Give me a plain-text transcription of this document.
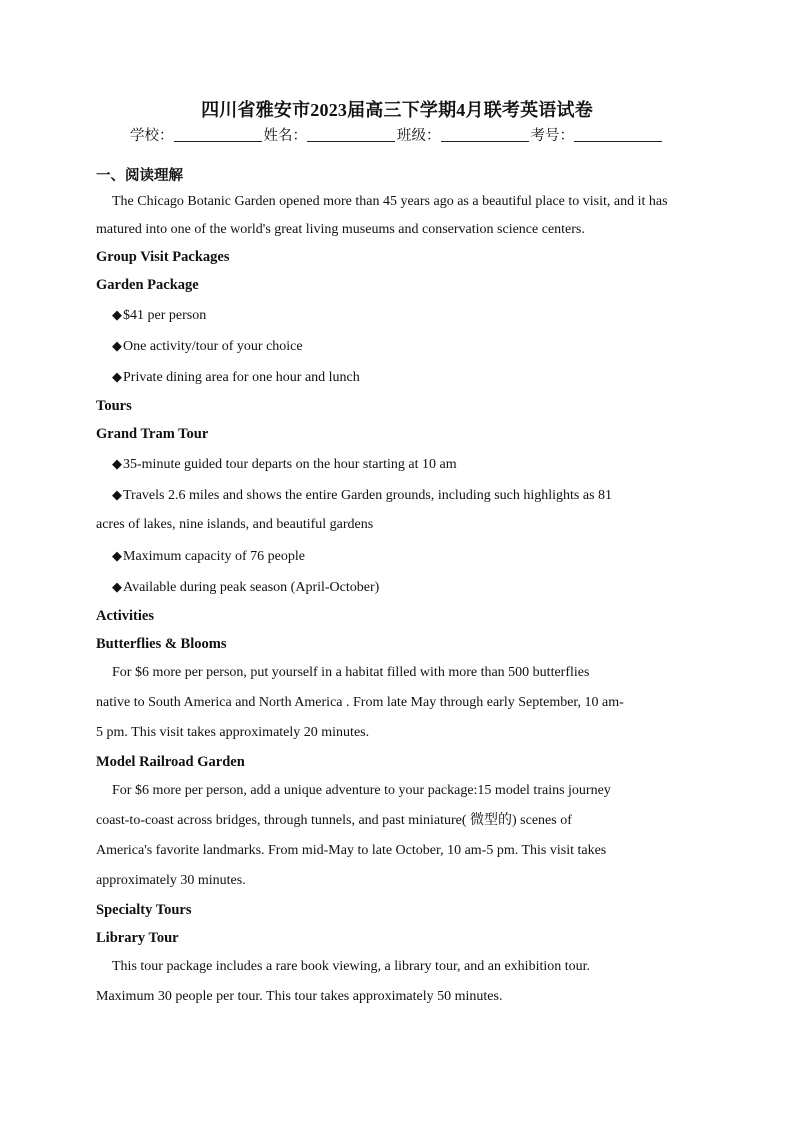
四川省雅安市2023届高三下学期4月联考英语试卷
学校：	姓名：	班级：	考号：
一、阅读理解

The Chicago Botanic Garden opened more than 45 years ago as a beautiful place to visit, and it has matured into one of the world's great living museums and conservation science centers.

Group Visit Packages
Garden Package
◆$41 per person
◆One activity/tour of your choice
◆Private dining area for one hour and lunch
Tours
Grand Tram Tour
◆35-minute guided tour departs on the hour starting at 10 am
◆Travels 2.6 miles and shows the entire Garden grounds, including such highlights as 81
acres of lakes, nine islands, and beautiful gardens
◆Maximum capacity of 76 people
◆Available during peak season (April-October)
Activities
Butterflies & Blooms
For $6 more per person, put yourself in a habitat filled with more than 500 butterflies
native to South America and North America . From late May through early September, 10 am-
5 pm. This visit takes approximately 20 minutes.
Model Railroad Garden
For $6 more per person, add a unique adventure to your package:15 model trains journey
coast-to-coast across bridges, through tunnels, and past miniature( 微型的) scenes of
America's favorite landmarks. From mid-May to late October, 10 am-5 pm. This visit takes
approximately 30 minutes.
Specialty Tours
Library Tour
This tour package includes a rare book viewing, a library tour, and an exhibition tour.
Maximum 30 people per tour. This tour takes approximately 50 minutes.
